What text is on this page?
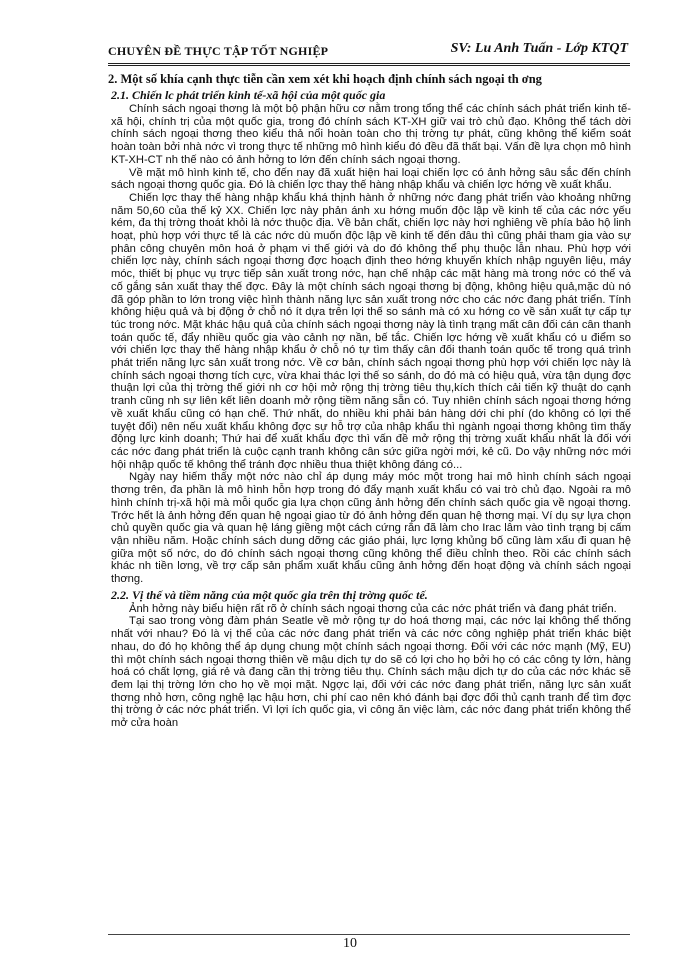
CHUYÊN ĐỀ THỰC TẬP TỐT NGHIỆP	SV: Lu Anh Tuấn - Lớp KTQT
2. Một số khía cạnh thực tiễn cần xem xét khi hoạch định chính sách ngoại th ơng
2.1. Chiến lc phát triển kinh tế-xã hội của một quốc gia

Chính sách ngoại thơng là một bộ phận hữu cơ nằm trong tổng thể các chính sách phát triển kinh tế-xã hội, chính trị của một quốc gia, trong đó chính sách KT-XH giữ vai trò chủ đạo. Không thể tách dời chính sách ngoại thơng theo kiểu thả nổi hoàn toàn cho thị trờng tự phát, cũng không thể kiểm soát hoàn toàn bởi nhà nớc vì trong thực tế những mô hình kiểu đó đều đã thất bại. Vấn đề lựa chọn mô hình KT-XH-CT nh thế nào có ảnh hởng to lớn đến chính sách ngoại thơng.

Về mặt mô hình kinh tế, cho đến nay đã xuất hiện hai loại chiến lợc có ảnh hởng sâu sắc đến chính sách ngoại thơng quốc gia. Đó là chiến lợc thay thế hàng nhập khẩu và chiến lợc hớng về xuất khẩu.

Chiến lợc thay thế hàng nhập khẩu khá thịnh hành ở những nớc đang phát triển vào khoảng những năm 50,60 của thế kỷ XX. Chiến lợc này phản ánh xu hớng muốn độc lập về kinh tế của các nớc yếu kém, đa thị trờng thoát khỏi là nớc thuộc địa. Về bản chất, chiến lợc này hơi nghiêng về phía bảo hộ linh hoạt, phù hợp với thực tế là các nớc dù muốn độc lập về kinh tế đến đâu thì cũng phải tham gia vào sự phân công chuyên môn hoá ở phạm vi thế giới và do đó không thể phụ thuộc lẫn nhau. Phù hợp với chiến lợc này, chính sách ngoại thơng đợc hoạch định theo hớng khuyến khích nhập nguyên liệu, máy móc, thiết bị phục vụ trực tiếp sản xuất trong nớc, hạn chế nhập các mặt hàng mà trong nớc có thể và cố gắng sản xuất thay thế đợc. Đây là một chính sách ngoại thơng bị động, không hiệu quả,mặc dù nó đã góp phần to lớn trong việc hình thành năng lực sản xuất trong nớc cho các nớc đang phát triển. Tính không hiệu quả và bị động ở chỗ nó ít dựa trên lợi thế so sánh mà có xu hớng co về sản xuất tự cấp tự túc trong nớc. Mặt khác hậu quả của chính sách ngoại thơng này là tình trạng mất cân đối cán cân thanh toán quốc tế, đẩy nhiều quốc gia vào cảnh nợ nần, bế tắc. Chiến lợc hớng về xuất khẩu có u điểm so với chiến lợc thay thế hàng nhập khẩu ở chỗ nó tự tìm thấy cân đối thanh toán quốc tế trong quá trình phát triển năng lực sản xuất trong nớc. Về cơ bản, chính sách ngoại thơng phù hợp với chiến lợc này là chính sách ngoại thơng tích cực, vừa khai thác lợi thế so sánh, do đó mà có hiệu quả, vừa tận dụng đợc thuận lợi của thị trờng thế giới nh cơ hội mở rộng thị trờng tiêu thụ,kích thích cải tiến kỹ thuật do cạnh tranh cũng nh sự liên kết liên doanh mở rộng tiềm năng sẵn có. Tuy nhiên chính sách ngoại thơng hớng về xuất khẩu cũng có hạn chế. Thứ nhất, do nhiều khi phải bán hàng dới chi phí (do không có lợi thế tuyệt đối) nên nếu xuất khẩu không đợc sự hỗ trợ của nhập khẩu thì ngành ngoại thơng không tìm thấy động lực kinh doanh; Thứ hai để xuất khẩu đợc thì vấn đề mở rộng thị trờng xuất khẩu nhất là đối với các nớc đang phát triển là cuộc cạnh tranh không cân sức giữa ngời mới, kẻ cũ. Do vậy những nớc mới hội nhập quốc tế không thể tránh đợc nhiều thua thiệt không đáng có...

Ngày nay hiếm thấy một nớc nào chỉ áp dụng máy móc một trong hai mô hình chính sách ngoại thơng trên, đa phần là mô hình hỗn hợp trong đó đẩy mạnh xuất khẩu có vai trò chủ đạo. Ngoài ra mô hình chính trị-xã hội mà mỗi quốc gia lựa chọn cũng ảnh hởng đến chính sách quốc gia về ngoại thơng. Trớc hết là ảnh hởng đến quan hệ ngoại giao từ đó ảnh hởng đến quan hệ thơng mại. Ví dụ sự lựa chọn chủ quyền quốc gia và quan hệ láng giềng một cách cứng rắn đã làm cho Irac lâm vào tình trạng bị cấm vận nhiều năm. Hoặc chính sách dung dỡng các giáo phái, lực lợng khủng bố cũng làm xấu đi quan hệ giữa một số nớc, do đó chính sách ngoại thơng cũng không thể điều chỉnh theo. Rồi các chính sách khác nh tiền lơng, về trợ cấp sản phẩm xuất khẩu cũng ảnh hởng đến hoạt động và chính sách ngoại thơng.

2.2. Vị thế và tiềm năng của một quốc gia trên thị trờng quốc tế.

Ảnh hởng này biểu hiện rất rõ ở chính sách ngoại thơng của các nớc phát triển và đang phát triển.

Tại sao trong vòng đàm phán Seatle về mở rộng tự do hoá thơng mại, các nớc lại không thể thống nhất với nhau? Đó là vị thế của các nớc đang phát triển và các nớc công nghiệp phát triển khác biệt nhau, do đó họ không thể áp dụng chung một chính sách ngoại thơng. Đối với các nớc mạnh (Mỹ, EU) thì một chính sách ngoại thơng thiên về mậu dịch tự do sẽ có lợi cho họ bởi họ có các công ty lớn, hàng hoá có chất lợng, giá rẻ và đang cần thị trờng tiêu thụ. Chính sách mậu dịch tự do của các nớc khác sẽ đem lại thị trờng lớn cho họ về mọi mặt. Ngợc lại, đối với các nớc đang phát triển, năng lực sản xuất thơng nhỏ hơn, công nghệ lạc hậu hơn, chi phí cao nên khó đánh bại đợc đối thủ cạnh tranh để tìm đợc thị trờng ở các nớc phát triển. Vì lợi ích quốc gia, vì công ăn việc làm, các nớc đang phát triển không thể mở cửa hoàn

10
